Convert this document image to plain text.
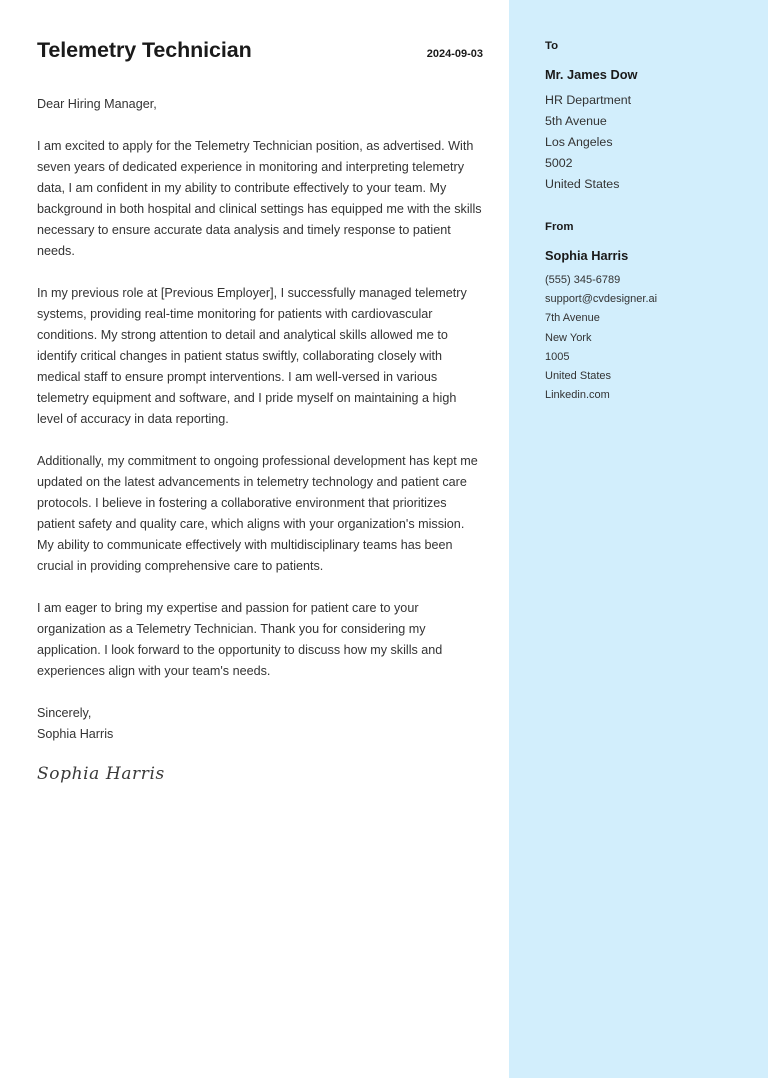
Telemetry Technician	2024-09-03

Dear Hiring Manager,

I am excited to apply for the Telemetry Technician position, as advertised. With seven years of dedicated experience in monitoring and interpreting telemetry data, I am confident in my ability to contribute effectively to your team. My background in both hospital and clinical settings has equipped me with the skills necessary to ensure accurate data analysis and timely response to patient needs.

In my previous role at [Previous Employer], I successfully managed telemetry systems, providing real-time monitoring for patients with cardiovascular conditions. My strong attention to detail and analytical skills allowed me to identify critical changes in patient status swiftly, collaborating closely with medical staff to ensure prompt interventions. I am well-versed in various telemetry equipment and software, and I pride myself on maintaining a high level of accuracy in data reporting.

Additionally, my commitment to ongoing professional development has kept me updated on the latest advancements in telemetry technology and patient care protocols. I believe in fostering a collaborative environment that prioritizes patient safety and quality care, which aligns with your organization's mission. My ability to communicate effectively with multidisciplinary teams has been crucial in providing comprehensive care to patients.

I am eager to bring my expertise and passion for patient care to your organization as a Telemetry Technician. Thank you for considering my application. I look forward to the opportunity to discuss how my skills and experiences align with your team's needs.

Sincerely,
Sophia Harris
Sophia Harris
To
Mr. James Dow
HR Department
5th Avenue
Los Angeles
5002
United States
From
Sophia Harris
(555) 345-6789
support@cvdesigner.ai
7th Avenue
New York
1005
United States
Linkedin.com
